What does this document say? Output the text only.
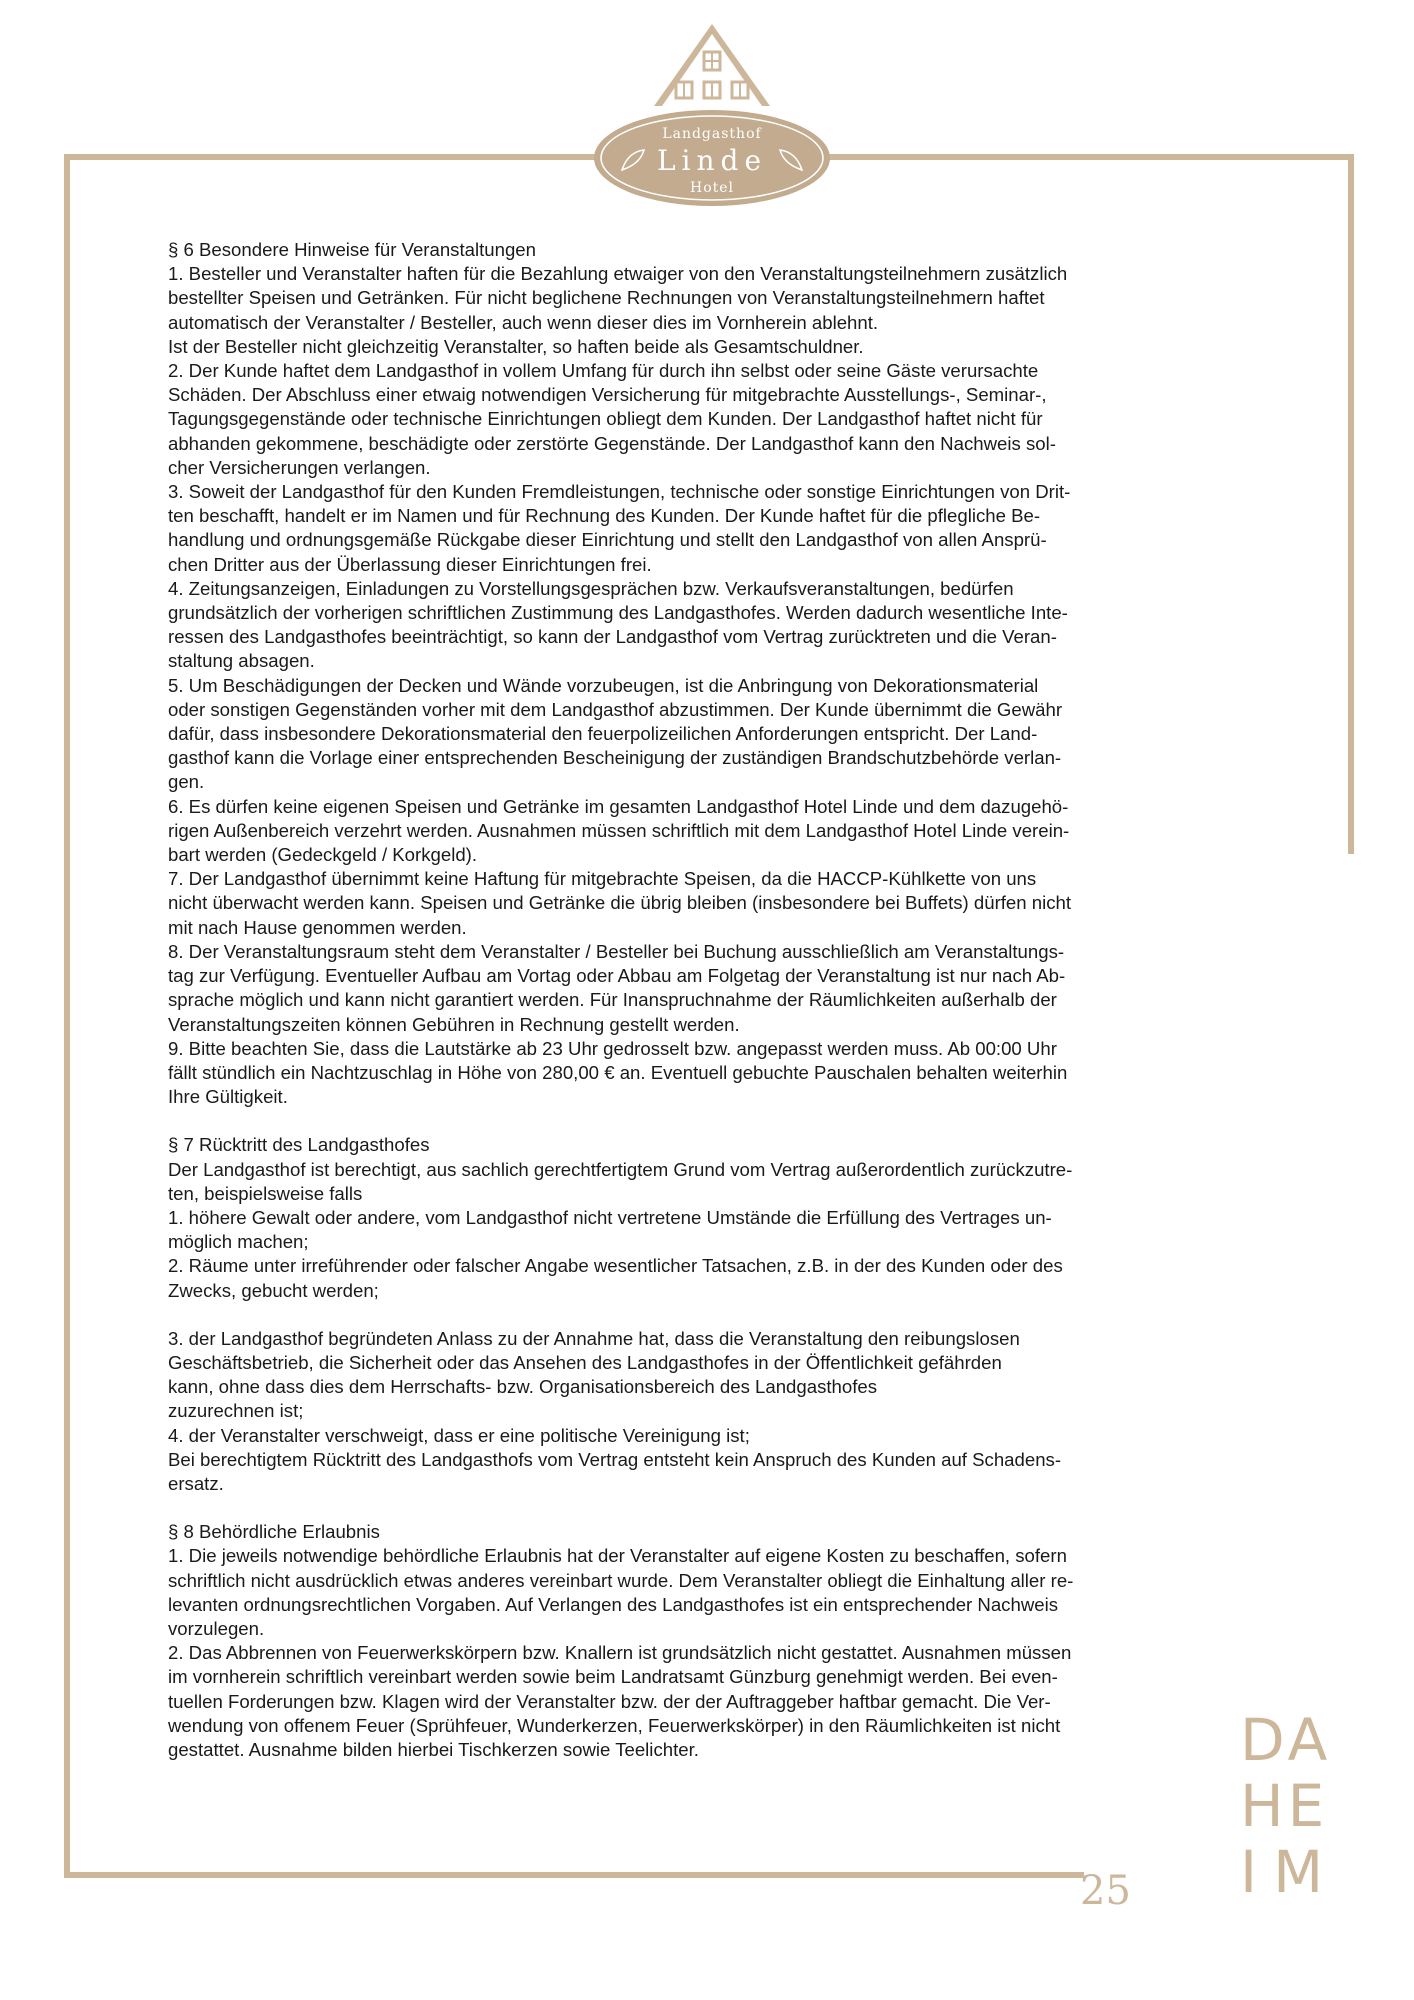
Landgasthof
Linde
Hotel

§ 6 Besondere Hinweise für Veranstaltungen

1. Besteller und Veranstalter haften für die Bezahlung etwaiger von den Veranstaltungsteilnehmern zusätzlich
bestellter Speisen und Getränken. Für nicht beglichene Rechnungen von Veranstaltungsteilnehmern haftet
automatisch der Veranstalter / Besteller, auch wenn dieser dies im Vornherein ablehnt.
Ist der Besteller nicht gleichzeitig Veranstalter, so haften beide als Gesamtschuldner.

2. Der Kunde haftet dem Landgasthof in vollem Umfang für durch ihn selbst oder seine Gäste verursachte
Schäden. Der Abschluss einer etwaig notwendigen Versicherung für mitgebrachte Ausstellungs-, Seminar-,
Tagungsgegenstände oder technische Einrichtungen obliegt dem Kunden. Der Landgasthof haftet nicht für
abhanden gekommene, beschädigte oder zerstörte Gegenstände. Der Landgasthof kann den Nachweis sol-
cher Versicherungen verlangen.

3. Soweit der Landgasthof für den Kunden Fremdleistungen, technische oder sonstige Einrichtungen von Drit-
ten beschafft, handelt er im Namen und für Rechnung des Kunden. Der Kunde haftet für die pflegliche Be-
handlung und ordnungsgemäße Rückgabe dieser Einrichtung und stellt den Landgasthof von allen Ansprü-
chen Dritter aus der Überlassung dieser Einrichtungen frei.

4. Zeitungsanzeigen, Einladungen zu Vorstellungsgesprächen bzw. Verkaufsveranstaltungen, bedürfen
grundsätzlich der vorherigen schriftlichen Zustimmung des Landgasthofes. Werden dadurch wesentliche Inte-
ressen des Landgasthofes beeinträchtigt, so kann der Landgasthof vom Vertrag zurücktreten und die Veran-
staltung absagen.

5. Um Beschädigungen der Decken und Wände vorzubeugen, ist die Anbringung von Dekorationsmaterial
oder sonstigen Gegenständen vorher mit dem Landgasthof abzustimmen. Der Kunde übernimmt die Gewähr
dafür, dass insbesondere Dekorationsmaterial den feuerpolizeilichen Anforderungen entspricht. Der Land-
gasthof kann die Vorlage einer entsprechenden Bescheinigung der zuständigen Brandschutzbehörde verlan-
gen.

6. Es dürfen keine eigenen Speisen und Getränke im gesamten Landgasthof Hotel Linde und dem dazugehö-
rigen Außenbereich verzehrt werden. Ausnahmen müssen schriftlich mit dem Landgasthof Hotel Linde verein-
bart werden (Gedeckgeld / Korkgeld).

7. Der Landgasthof übernimmt keine Haftung für mitgebrachte Speisen, da die HACCP-Kühlkette von uns
nicht überwacht werden kann. Speisen und Getränke die übrig bleiben (insbesondere bei Buffets) dürfen nicht
mit nach Hause genommen werden.

8. Der Veranstaltungsraum steht dem Veranstalter / Besteller bei Buchung ausschließlich am Veranstaltungs-
tag zur Verfügung. Eventueller Aufbau am Vortag oder Abbau am Folgetag der Veranstaltung ist nur nach Ab-
sprache möglich und kann nicht garantiert werden. Für Inanspruchnahme der Räumlichkeiten außerhalb der
Veranstaltungszeiten können Gebühren in Rechnung gestellt werden.

9. Bitte beachten Sie, dass die Lautstärke ab 23 Uhr gedrosselt bzw. angepasst werden muss. Ab 00:00 Uhr
fällt stündlich ein Nachtzuschlag in Höhe von 280,00 € an. Eventuell gebuchte Pauschalen behalten weiterhin
Ihre Gültigkeit.

§ 7 Rücktritt des Landgasthofes

Der Landgasthof ist berechtigt, aus sachlich gerechtfertigtem Grund vom Vertrag außerordentlich zurückzutre-
ten, beispielsweise falls

1. höhere Gewalt oder andere, vom Landgasthof nicht vertretene Umstände die Erfüllung des Vertrages un-
möglich machen;

2. Räume unter irreführender oder falscher Angabe wesentlicher Tatsachen, z.B. in der des Kunden oder des
Zwecks, gebucht werden;

3. der Landgasthof begründeten Anlass zu der Annahme hat, dass die Veranstaltung den reibungslosen
Geschäftsbetrieb, die Sicherheit oder das Ansehen des Landgasthofes in der Öffentlichkeit gefährden
kann, ohne dass dies dem Herrschafts- bzw. Organisationsbereich des Landgasthofes
zuzurechnen ist;

4. der Veranstalter verschweigt, dass er eine politische Vereinigung ist;

Bei berechtigtem Rücktritt des Landgasthofs vom Vertrag entsteht kein Anspruch des Kunden auf Schadens-
ersatz.

§ 8 Behördliche Erlaubnis

1. Die jeweils notwendige behördliche Erlaubnis hat der Veranstalter auf eigene Kosten zu beschaffen, sofern
schriftlich nicht ausdrücklich etwas anderes vereinbart wurde. Dem Veranstalter obliegt die Einhaltung aller re-
levanten ordnungsrechtlichen Vorgaben. Auf Verlangen des Landgasthofes ist ein entsprechender Nachweis
vorzulegen.

2. Das Abbrennen von Feuerwerkskörpern bzw. Knallern ist grundsätzlich nicht gestattet. Ausnahmen müssen
im vornherein schriftlich vereinbart werden sowie beim Landratsamt Günzburg genehmigt werden. Bei even-
tuellen Forderungen bzw. Klagen wird der Veranstalter bzw. der der Auftraggeber haftbar gemacht. Die Ver-
wendung von offenem Feuer (Sprühfeuer, Wunderkerzen, Feuerwerkskörper) in den Räumlichkeiten ist nicht
gestattet. Ausnahme bilden hierbei Tischkerzen sowie Teelichter.	DA
HE
IM
25
